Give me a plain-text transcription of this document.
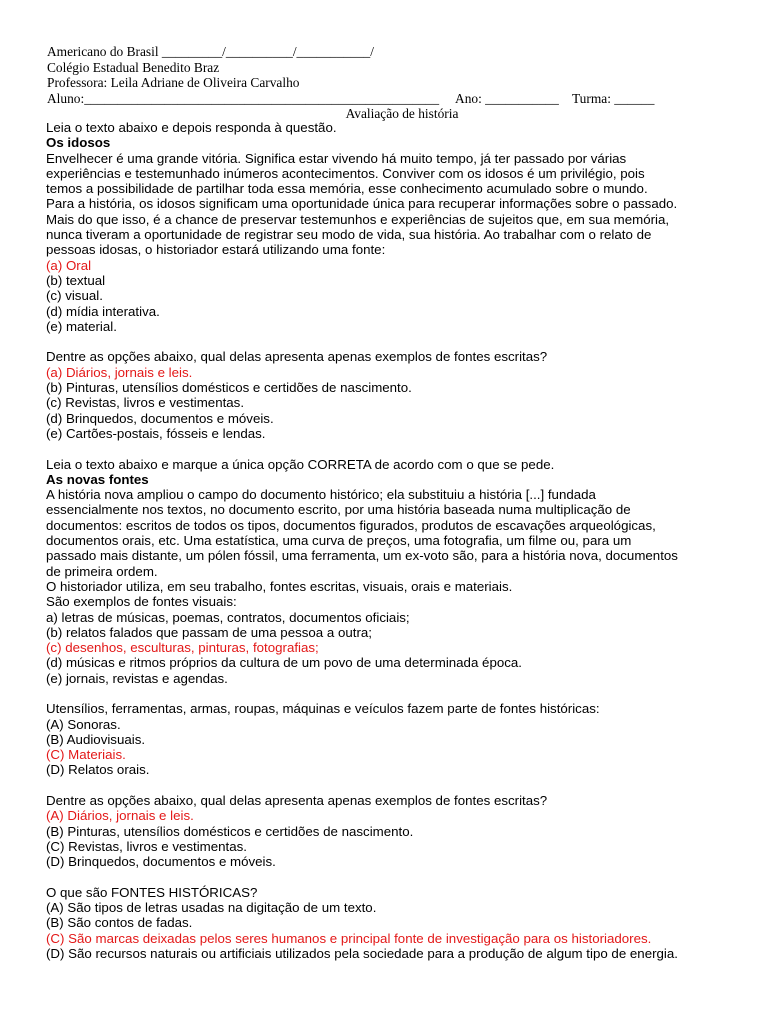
Americano do Brasil _________/__________/___________/
Colégio Estadual Benedito Braz
Professora: Leila Adriane de Oliveira Carvalho
Aluno:_____________________________________________________     Ano: ___________    Turma: ______
Avaliação de história

Leia o texto abaixo e depois responda à questão.

Os idosos

Envelhecer é uma grande vitória. Significa estar vivendo há muito tempo, já ter passado por várias

experiências e testemunhado inúmeros acontecimentos. Conviver com os idosos é um privilégio, pois

temos a possibilidade de partilhar toda essa memória, esse conhecimento acumulado sobre o mundo.

Para a história, os idosos significam uma oportunidade única para recuperar informações sobre o passado.

Mais do que isso, é a chance de preservar testemunhos e experiências de sujeitos que, em sua memória,

nunca tiveram a oportunidade de registrar seu modo de vida, sua história. Ao trabalhar com o relato de

pessoas idosas, o historiador estará utilizando uma fonte:

(a) Oral

(b) textual

(c) visual.

(d) mídia interativa.

(e) material.

Dentre as opções abaixo, qual delas apresenta apenas exemplos de fontes escritas?

(a) Diários, jornais e leis.

(b) Pinturas, utensílios domésticos e certidões de nascimento.

(c) Revistas, livros e vestimentas.

(d) Brinquedos, documentos e móveis.

(e) Cartões-postais, fósseis e lendas.

Leia o texto abaixo e marque a única opção CORRETA de acordo com o que se pede.

As novas fontes

A história nova ampliou o campo do documento histórico; ela substituiu a história [...] fundada

essencialmente nos textos, no documento escrito, por uma história baseada numa multiplicação de

documentos: escritos de todos os tipos, documentos figurados, produtos de escavações arqueológicas,

documentos orais, etc. Uma estatística, uma curva de preços, uma fotografia, um filme ou, para um

passado mais distante, um pólen fóssil, uma ferramenta, um ex-voto são, para a história nova, documentos

de primeira ordem.

O historiador utiliza, em seu trabalho, fontes escritas, visuais, orais e materiais.

São exemplos de fontes visuais:

a) letras de músicas, poemas, contratos, documentos oficiais;

(b) relatos falados que passam de uma pessoa a outra;

(c) desenhos, esculturas, pinturas, fotografias;

(d) músicas e ritmos próprios da cultura de um povo de uma determinada época.

(e) jornais, revistas e agendas.

Utensílios, ferramentas, armas, roupas, máquinas e veículos fazem parte de fontes históricas:

(A) Sonoras.

(B) Audiovisuais.

(C) Materiais.

(D) Relatos orais.

Dentre as opções abaixo, qual delas apresenta apenas exemplos de fontes escritas?

(A) Diários, jornais e leis.

(B) Pinturas, utensílios domésticos e certidões de nascimento.

(C) Revistas, livros e vestimentas.

(D) Brinquedos, documentos e móveis.

O que são FONTES HISTÓRICAS?

(A) São tipos de letras usadas na digitação de um texto.

(B) São contos de fadas.

(C) São marcas deixadas pelos seres humanos e principal fonte de investigação para os historiadores.

(D) São recursos naturais ou artificiais utilizados pela sociedade para a produção de algum tipo de energia.
